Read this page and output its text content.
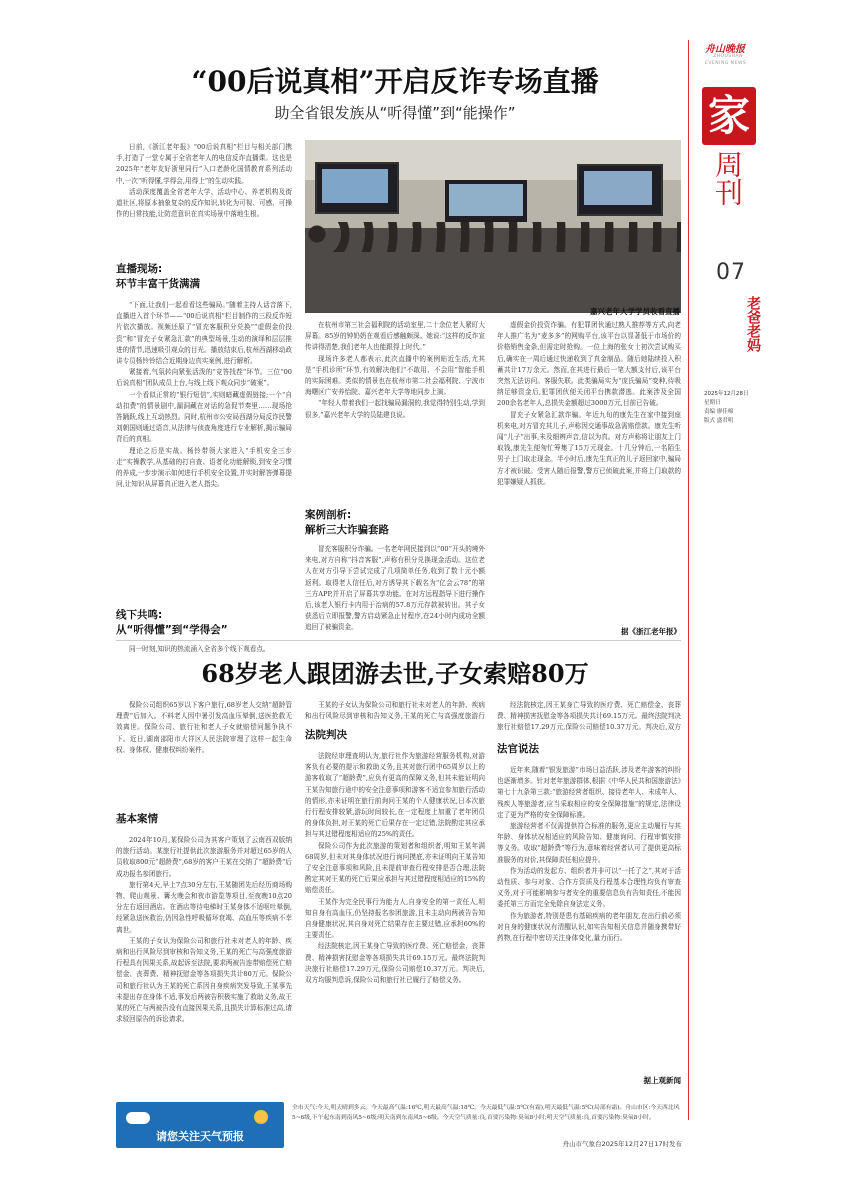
舟山晚报
ZHOUSHAN
EVENING NEWS
家
周刊
07
老爸老妈
2025年12月28日
星期日
责编 廖佳棉
版式 盛君明
“00后说真相”开启反诈专场直播
助全省银发族从“听得懂”到“能操作”

日前,《浙江老年报》“00后说真相”栏目与相关部门携手,打造了一堂专属于全省老年人的电信反诈直播课。这也是2025年“老年友好浙里同行”入口老龄化国情教育系列活动中,一次“听得懂,学得会,用得上”的生动实践。

活动深度覆盖全省老年大学、活动中心、养老机构及街道社区,将原本抽象复杂的反诈知识,转化为可视、可感、可操作的日常技能,让防范意识在真实场景中落地生根。

嘉兴老年大学学员收看直播
直播现场:
环节丰富干货满满

“下面,让我们一起看看这些骗局。”随着主持人话音落下,直播进入首个环节——“00后说真相”栏目制作的三段反诈短片依次播放。视频还原了“冒充客服积分兑换”“虚假金价投资”和“冒充子女紧急汇款”的典型场景,生动的演绎和层层推进的情节,迅速吸引观众的目光。播放结束后,杭州西湖移动政讲专员杨铃铃结合近期身边真实案例,进行解析。

紧接着,气氛转向紧张活泼的“竞答找茬”环节。三位“00后说真相”团队成员上台,与线上线下观众同步“破案”。

一个看似正常的“银行短信”,实则暗藏虚假链接;一个“自动扣费”的情景剧中,漏洞藏在对话的急促节奏里……现场抢答踊跃,线上互动热烈。同时,杭州市公安局西湖分局反诈民警刘朝国则通过语音,从法律与侦查角度进行专业解析,揭示骗局背后的真相。

理论之后是实战。杨铃带领大家进入“手机安全三步走”实操教学,从基础的打自查、语者化功能解锁,到安全习惯的养成,一步步演示如何进行手机安全设置,并实时解答弹幕提问,让知识从屏幕真正进入老人指尖。

线下共鸣:
从“听得懂”到“学得会”

同一时刻,知识的热流涌入全省多个线下观看点。

在杭州市第三社会福利院的活动室里,二十余位老人紧盯大屏幕。85岁的钟奶奶在观看后感触颇深。她说:“这样的反诈宣传讲得清楚,我们老年人也能跟得上时代。”

现场许多老人都表示,此次直播中的案例贴近生活,尤其是“手机诊所”环节,有效解决他们“不敢用、不会用”智能手机的实际困难。类似的情景也在杭州市第二社会福利院、宁波市海曙区广安养怡院、嘉兴老年大学等地同步上演。

“年轻人带着我们一起找骗局漏洞的,我觉得特别生动,学到很多,”嘉兴老年大学的员陆建良说。

案例剖析:
解析三大诈骗套路

冒充客服积分诈骗。一名老年网民接到以“00”开头的境外来电,对方自称“抖音客服”,声称有积分兑换现金活动。这位老人在对方引导下尝试完成了几项简单任务,收到了数十元小额返利。取得老人信任后,对方诱导其下载名为“亿会云78”的第三方APP,并开启了屏幕共享功能。在对方远程指导下进行操作后,该老人银行卡内用于治病的57.8万元存款被转出。其子女获悉后立即报警,警方启动紧急止付程序,在24小时内成功全额追回了被骗资金。

虚假金价投资诈骗。有犯罪团伙通过熟人推荐等方式,向老年人推广名为“麦多多”的网购平台,该平台以显著低于市场价的价格销售金条,但需定时抢购。一位上海的张女士初次尝试购买后,确实在一周后通过快递收到了真金制品。随后她陆续投入积蓄共计17万余元。然而,在其进行最后一笔大额支付后,该平台突然无法访问。客服失联。此类骗局实为“庞氏骗局”变种,待吸纳足够资金后,犯罪团伙便关闭平台携款潜逃。此案涉及全国200余名老年人,总损失金额超过3000万元,目前已告破。

冒充子女紧急汇款诈骗。年近九旬的康先生在家中接到座机来电,对方冒充其儿子,声称因交通事故急需赔偿款。康先生听闻“儿子”出事,未及细辨声音,信以为真。对方声称将让朋友上门取钱,康先生便匆忙筹集了15万元现金。十几分钟后,一名陌生男子上门取走现金。半小时后,康先生真正的儿子返回家中,骗局方才被识破。受害人随后报警,警方已侦破此案,并将上门取款的犯罪嫌疑人抓获。

据《浙江老年报》
68岁老人跟团游去世,子女索赔80万

保险公司组织65岁以下客户旅行,68岁老人交纳“超龄管理费”后加入。不料老人因中暑引发高血压晕倒,送医抢救无效离世。保险公司、旅行社和老人子女就赔偿问题争执不下。近日,湖南邵阳市大祥区人民法院审理了这样一起生命权、身体权、健康权纠纷案件。

基本案情

2024年10月,某保险公司为其客户策划了云南西双版纳的旅行活动。某旅行社提供此次旅游服务并对超过65岁的人员收取800元“超龄费”,68岁的客户王某在交纳了“超龄费”后成功报名参团旅行。

旅行第4天,早上7点30分左右,王某随团先后经历商场购物、爬山观景、篝火晚会和夜市游览等项目,至夜晚10点20分左右返回酒店。在酒店等待电梯时王某身体不适呕吐晕倒,经紧急送医救治,仍因急性呼吸循环衰竭、高血压等疾病不幸离世。

王某的子女认为保险公司和旅行社未对老人的年龄、疾病和出行风险尽到审核和告知义务,王某的死亡与高强度旅游行程具有因果关系,故起诉至法院,要求两被告连带赔偿死亡赔偿金、丧葬费、精神抚慰金等各项损失共计80万元。保险公司和旅行社认为王某的死亡系因自身疾病突发导致,王某事先未提出存在身体不适,事发后两被告积极实施了救助义务,故王某的死亡与两被告没有直接因果关系,且损失计算标准过高,请求驳回原告的诉讼请求。

王某的子女认为保险公司和旅行社未对老人的年龄、疾病和出行风险尽到审核和告知义务,王某的死亡与高强度旅游行

法院判决

法院经审理查明认为,旅行社作为旅游经营服务机构,对游客负有必要的提示和救助义务,且其对旅行团中65周岁以上的游客收取了“超龄费”,应负有更高的保障义务,但其未能证明向王某告知旅行途中的安全注意事项和游客不适宜参加旅行活动的情形,亦未证明在旅行前询问王某的个人健康状况,日本次旅行行程安排较紧,游玩时间较长,在一定程度上加重了老年团员的身体负担,对王某的死亡后果存在一定过错,法院酌定其应承担与其过错程度相适应的25%的责任。

保险公司作为此次旅游的策划者和组织者,明知王某年满68周岁,但未对其身体状况进行询问摸底,亦未证明向王某告知了安全注意事项和风险,且未提前审查行程安排是否合理,法院酌定其对王某的死亡后果应承担与其过错程度相适应的15%的赔偿责任。

王某作为完全民事行为能力人,自身安全的第一责任人,明知自身有高血压,仍坚持报名参团旅游,且未主动向两被告告知自身健康状况,其自身对死亡结果存在主要过错,应承担60%的主要责任。

经法院核定,因王某身亡导致的医疗费、死亡赔偿金、丧葬费、精神损害抚慰金等各项损失共计69.15万元。最终法院判决旅行社赔偿17.29万元,保险公司赔偿10.37万元。判决后,双方均服判息诉,保险公司和旅行社已履行了赔偿义务。

经法院核定,因王某身亡导致的医疗费、死亡赔偿金、丧葬费、精神损害抚慰金等各项损失共计69.15万元。最终法院判决旅行社赔偿17.29万元,保险公司赔偿10.37万元。判决后,双方

法官说法

近年来,随着“银发旅游”市场日益活跃,涉及老年游客的纠纷也逐渐增多。针对老年旅游群体,根据《中华人民共和国旅游法》第七十九条第三款:“旅游经营者组织、接待老年人、未成年人、残疾人等旅游者,应当采取相应的安全保障措施”的规定,法律设定了更为严格的安全保障标准。

旅游经营者不仅需提供符合标准的服务,更应主动履行与其年龄、身体状况相适应的风险告知、健康询问、行程审慎安排等义务。收取“超龄费”等行为,意味着经营者认可了提供更高标准服务的对价,其保障责任相应提升。

作为活动的发起方、组织者并非可以“一托了之”,其对于活动性质、参与对象、合作方资质及行程基本合理性均负有审查义务,对于可能影响参与者安全的重要信息负有告知责任,不能因委托第三方而完全免除自身法定义务。

作为旅游者,特别是患有基础疾病的老年朋友,在出行前必须对自身的健康状况有清醒认识,如实告知相关信息并随身携带好药物,在行程中密切关注身体变化,量力而行。

据上观新闻
请您关注天气预报
全市天气:今天,明天晴到多云。今天最高气温:16℃,明天最高气温:18℃。今天最低气温:5℃(有霜),明天最低气温:5℃(局部有霜)。舟山市区:今天西北风5~6级,下午起东南到南风5~6级;明天南到东南风5~6级。今天空气质量:良,首要污染物:臭氧8小时;明天空气质量:良,首要污染物:臭氧8小时。
舟山市气象台2025年12月27日17时发布
